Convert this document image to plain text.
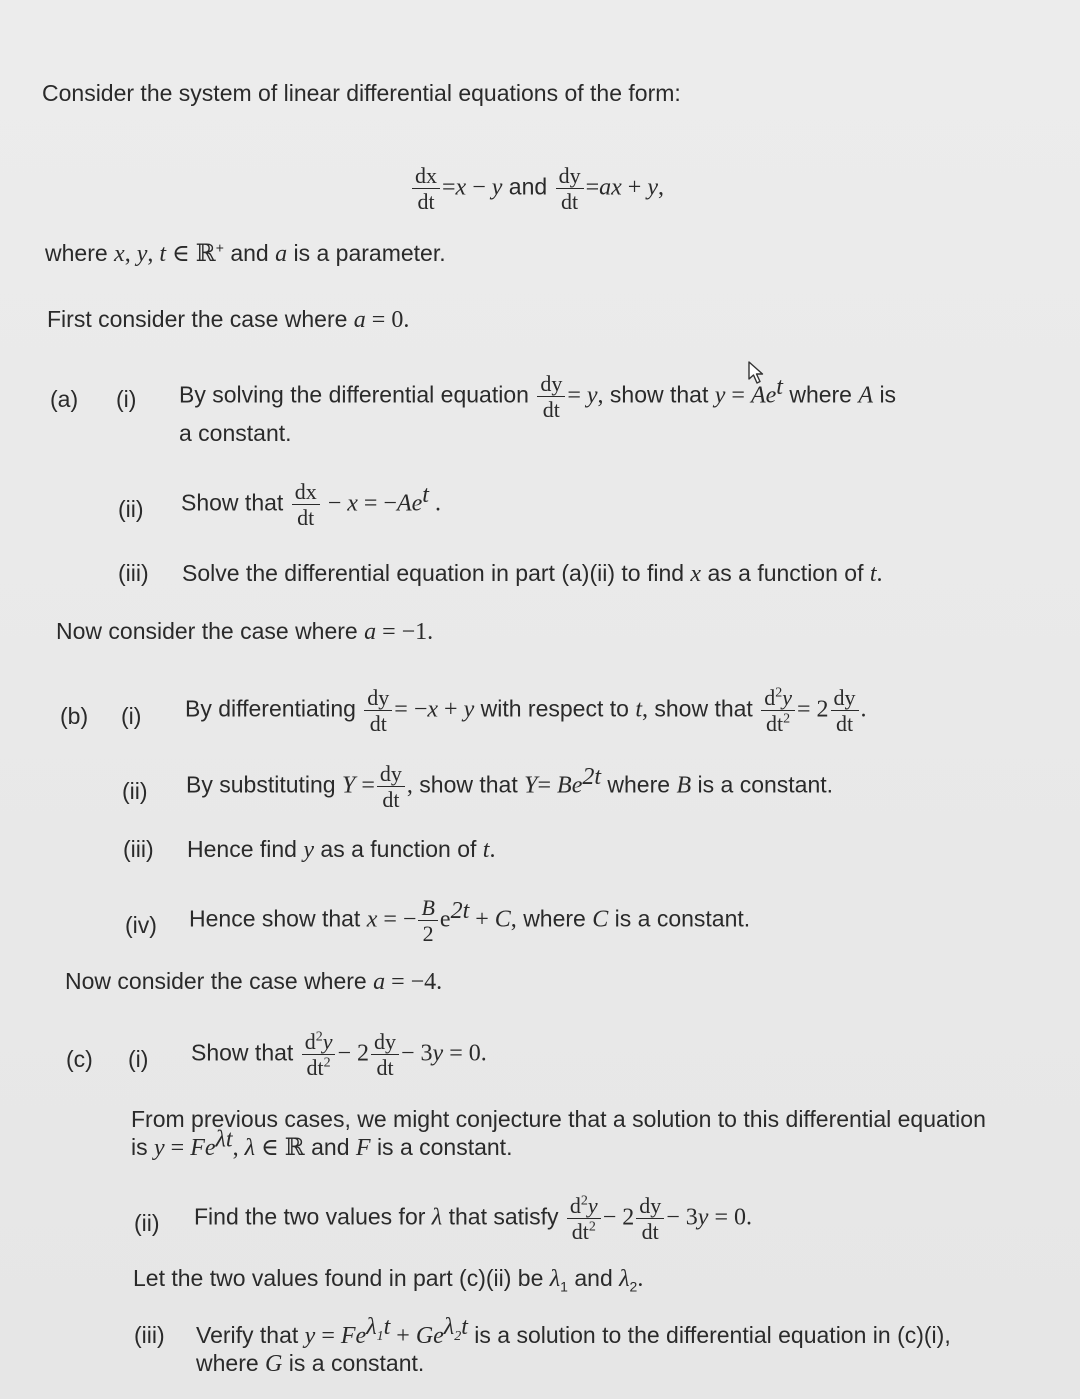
Consider the system of linear differential equations of the form:
$\frac{dx}{dt} =x - y$ and $\frac{dy}{dt} =ax + y$,
where x, y, t ∈ ℝ+ and a is a parameter.
First consider the case where a = 0.
(a) (i) By solving the differential equation $\frac{dy}{dt} = y$, show that $y = Ae^t$ where A is
a constant.
(ii) Show that $\frac{dx}{dt} - x = -Ae^t$ .
(iii) Solve the differential equation in part (a)(ii) to find x as a function of t.
Now consider the case where a = −1.
(b) (i) By differentiating $\frac{dy}{dt} = -x + y$ with respect to t, show that $\frac{d^2y}{dt^2} = 2 \frac{dy}{dt}$ .
(ii) By substituting $Y = \frac{dy}{dt}$ , show that $Y= Be^{2t}$ where B is a constant.
(iii) Hence find y as a function of t.
(iv) Hence show that x = − $\frac{B}{2} e^{2t} + C$, where C is a constant.
Now consider the case where a = −4.
(c) (i) Show that $\frac{d^2y}{dt^2} - 2 \frac{dy}{dt} - 3y = 0$.
From previous cases, we might conjecture that a solution to this differential equation
is $y = Fe^{\lambda t}$, λ ∈ ℝ and F is a constant.
(ii) Find the two values for λ that satisfy $\frac{d^2y}{dt^2} - 2 \frac{dy}{dt} - 3y = 0$.
Let the two values found in part (c)(ii) be $\lambda_1$ and $\lambda_2$.
(iii) Verify that $y = Fe^{\lambda_1t} + Ge^{\lambda_2t}$ is a solution to the differential equation in (c)(i),
where G is a constant.
